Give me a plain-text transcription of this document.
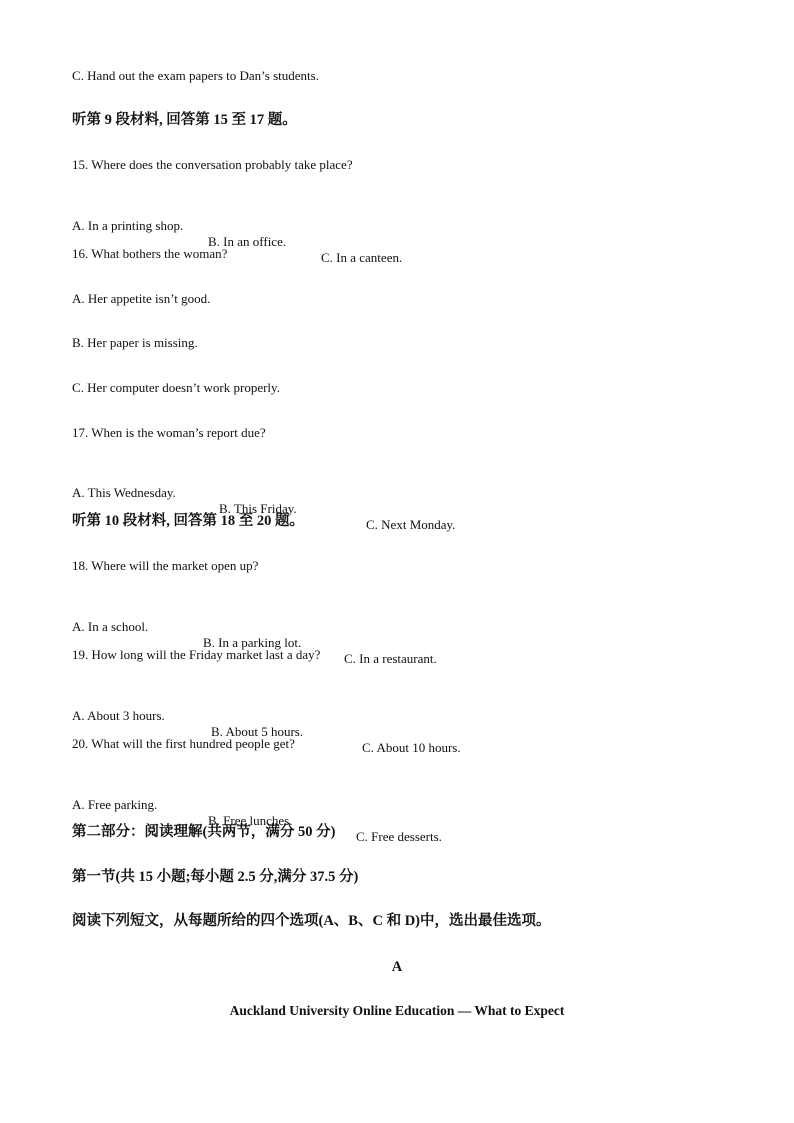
C. Hand out the exam papers to Dan’s students.
听第 9 段材料, 回答第 15 至 17 题。
15. Where does the conversation probably take place?

A. In a printing shop.

B. In an office.

C. In a canteen.

16. What bothers the woman?
A. Her appetite isn’t good.
B. Her paper is missing.
C. Her computer doesn’t work properly.
17. When is the woman’s report due?

A. This Wednesday.

B. This Friday.

C. Next Monday.

听第 10 段材料, 回答第 18 至 20 题。
18. Where will the market open up?

A. In a school.

B. In a parking lot.

C. In a restaurant.

19. How long will the Friday market last a day?

A. About 3 hours.

B. About 5 hours.

C. About 10 hours.

20. What will the first hundred people get?

A. Free parking.

B. Free lunches.

C. Free desserts.

第二部分：阅读理解(共两节，满分 50 分)
第一节(共 15 小题;每小题 2.5 分,满分 37.5 分)
阅读下列短文，从每题所给的四个选项(A、B、C 和 D)中，选出最佳选项。
A
Auckland University Online Education — What to Expect
